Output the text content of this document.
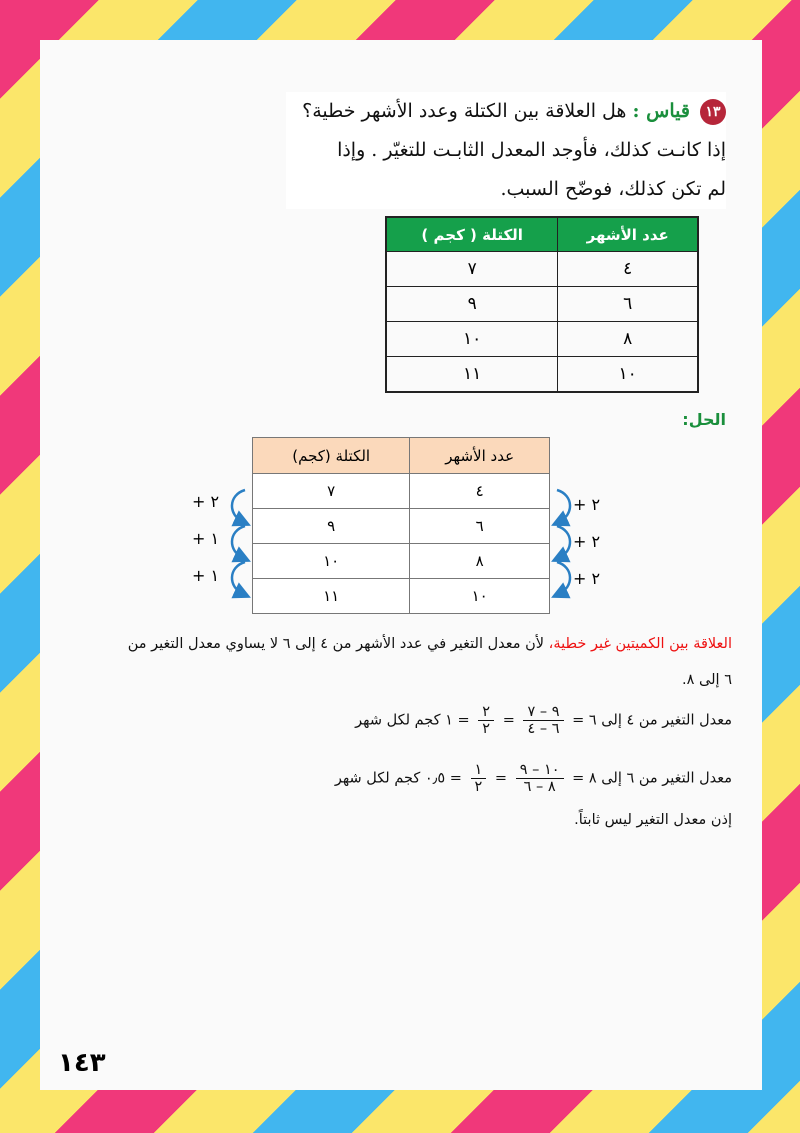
١٣ قياس : هل العلاقة بين الكتلة وعدد الأشهر خطية؟
إذا كانـت كذلك، فأوجد المعدل الثابـت للتغيّر . وإذا
لم تكن كذلك، فوضّح السبب.
عدد الأشهر	الكتلة ( كجم )
٤	٧
٦	٩
٨	١٠
١٠	١١
الحل:
عدد الأشهر	الكتلة (كجم)
٤	٧
٦	٩
٨	١٠
١٠	١١
+ ٢
+ ١
+ ١
+ ٢
+ ٢
+ ٢
العلاقة بين الكميتين غير خطية، لأن معدل التغير في عدد الأشهر من ٤ إلى ٦ لا يساوي معدل التغير من
٦ إلى ٨.
معدل التغير من ٤ إلى ٦ =
$\frac{٩ - ٧}{٦ - ٤}$
=
$\frac{٢}{٢}$
= ١ كجم لكل شهر
معدل التغير من ٦ إلى ٨ =
$\frac{١٠ - ٩}{٨ - ٦}$
=
$\frac{١}{٢}$
= ٠٫٥ كجم لكل شهر
إذن معدل التغير ليس ثابتاً.
١٤٣
